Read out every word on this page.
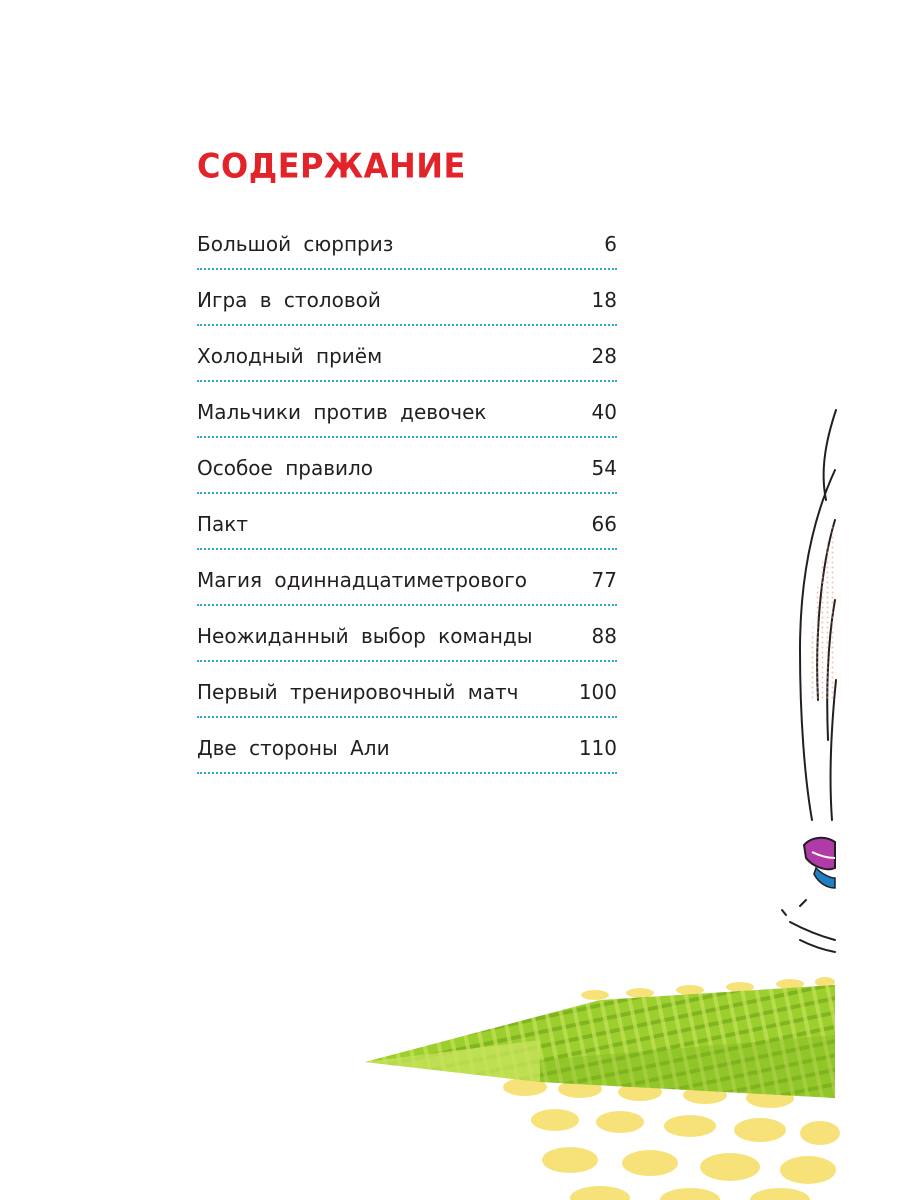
СОДЕРЖАНИЕ
Большой сюрприз	6
Игра в столовой	18
Холодный приём	28
Мальчики против девочек	40
Особое правило	54
Пакт	66
Магия одиннадцатиметрового	77
Неожиданный выбор команды	88
Первый тренировочный матч	100
Две стороны Али	110
